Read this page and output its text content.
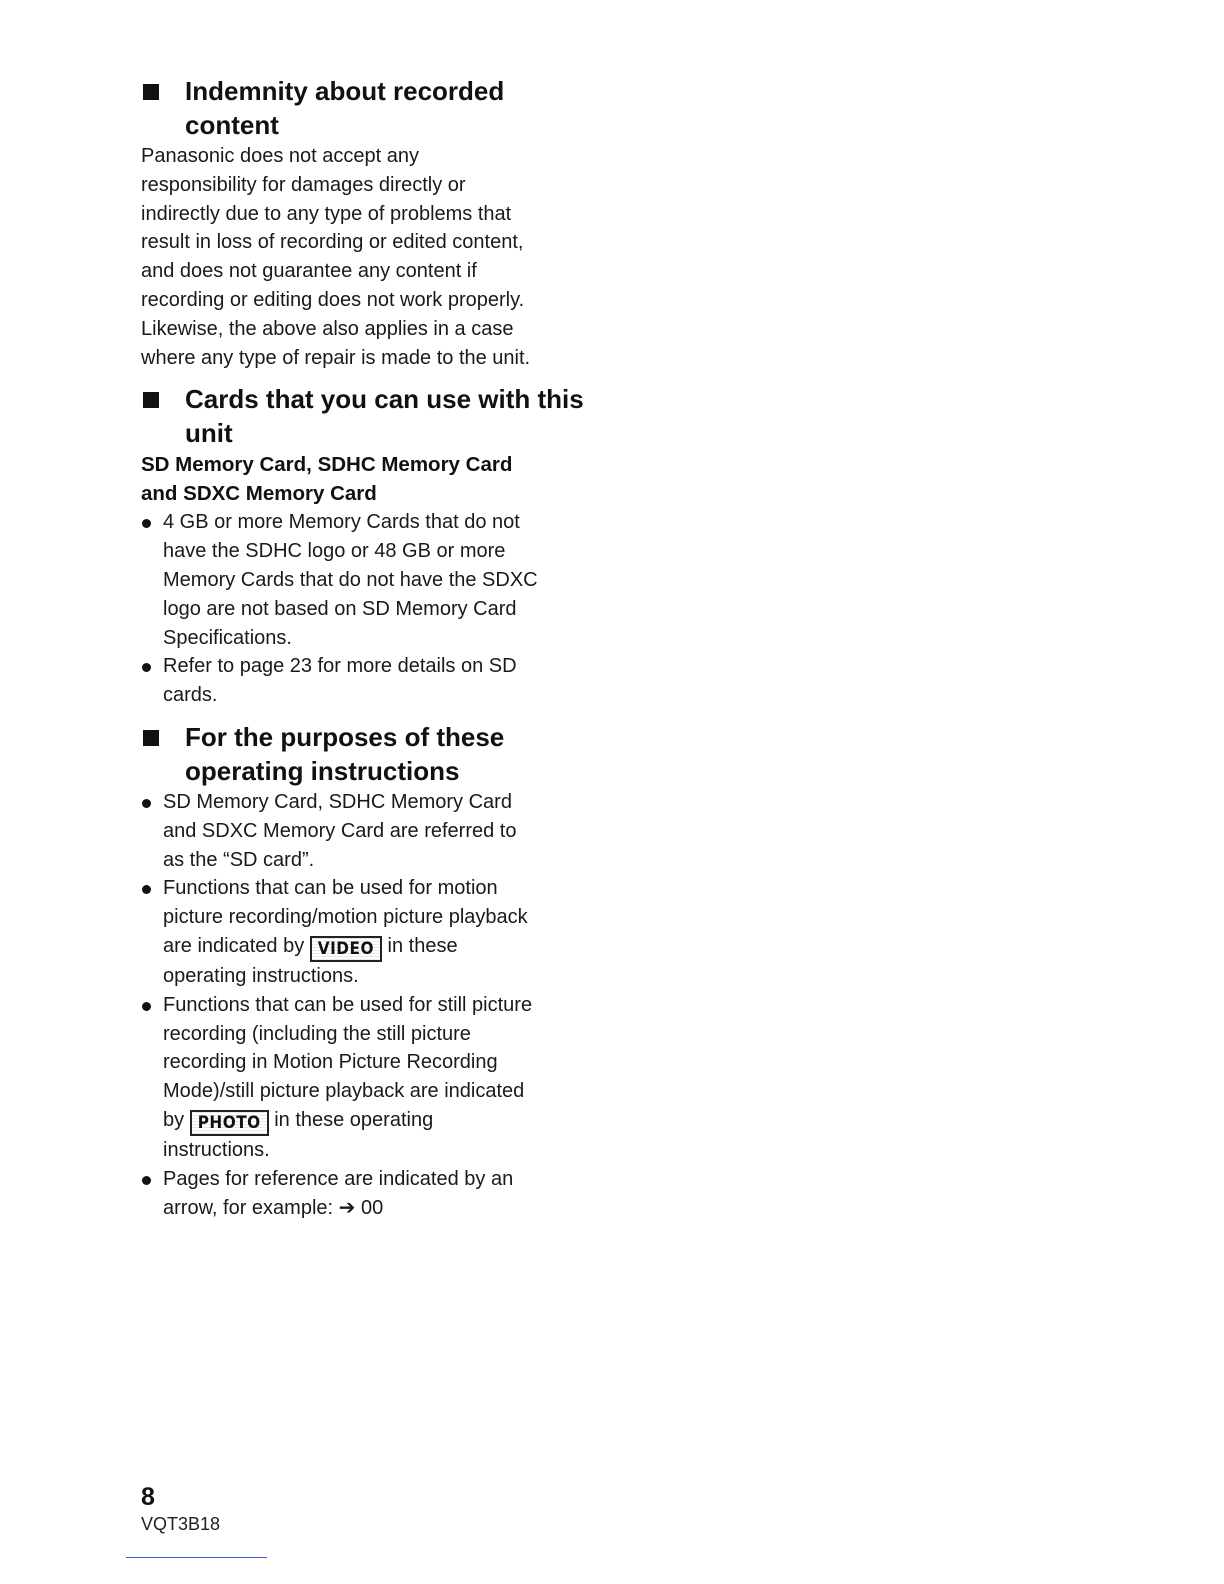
Indemnity about recorded content

Panasonic does not accept any
responsibility for damages directly or
indirectly due to any type of problems that
result in loss of recording or edited content,
and does not guarantee any content if
recording or editing does not work properly.
Likewise, the above also applies in a case
where any type of repair is made to the unit.

Cards that you can use with this unit

SD Memory Card, SDHC Memory Card
and SDXC Memory Card

4 GB or more Memory Cards that do not
have the SDHC logo or 48 GB or more
Memory Cards that do not have the SDXC
logo are not based on SD Memory Card
Specifications.
Refer to page 23 for more details on SD
cards.
For the purposes of these operating instructions
SD Memory Card, SDHC Memory Card
and SDXC Memory Card are referred to
as the “SD card”.
Functions that can be used for motion
picture recording/motion picture playback
are indicated by VIDEO in these
operating instructions.
Functions that can be used for still picture
recording (including the still picture
recording in Motion Picture Recording
Mode)/still picture playback are indicated
by PHOTO in these operating
instructions.
Pages for reference are indicated by an
arrow, for example: ➔ 00
8
VQT3B18
